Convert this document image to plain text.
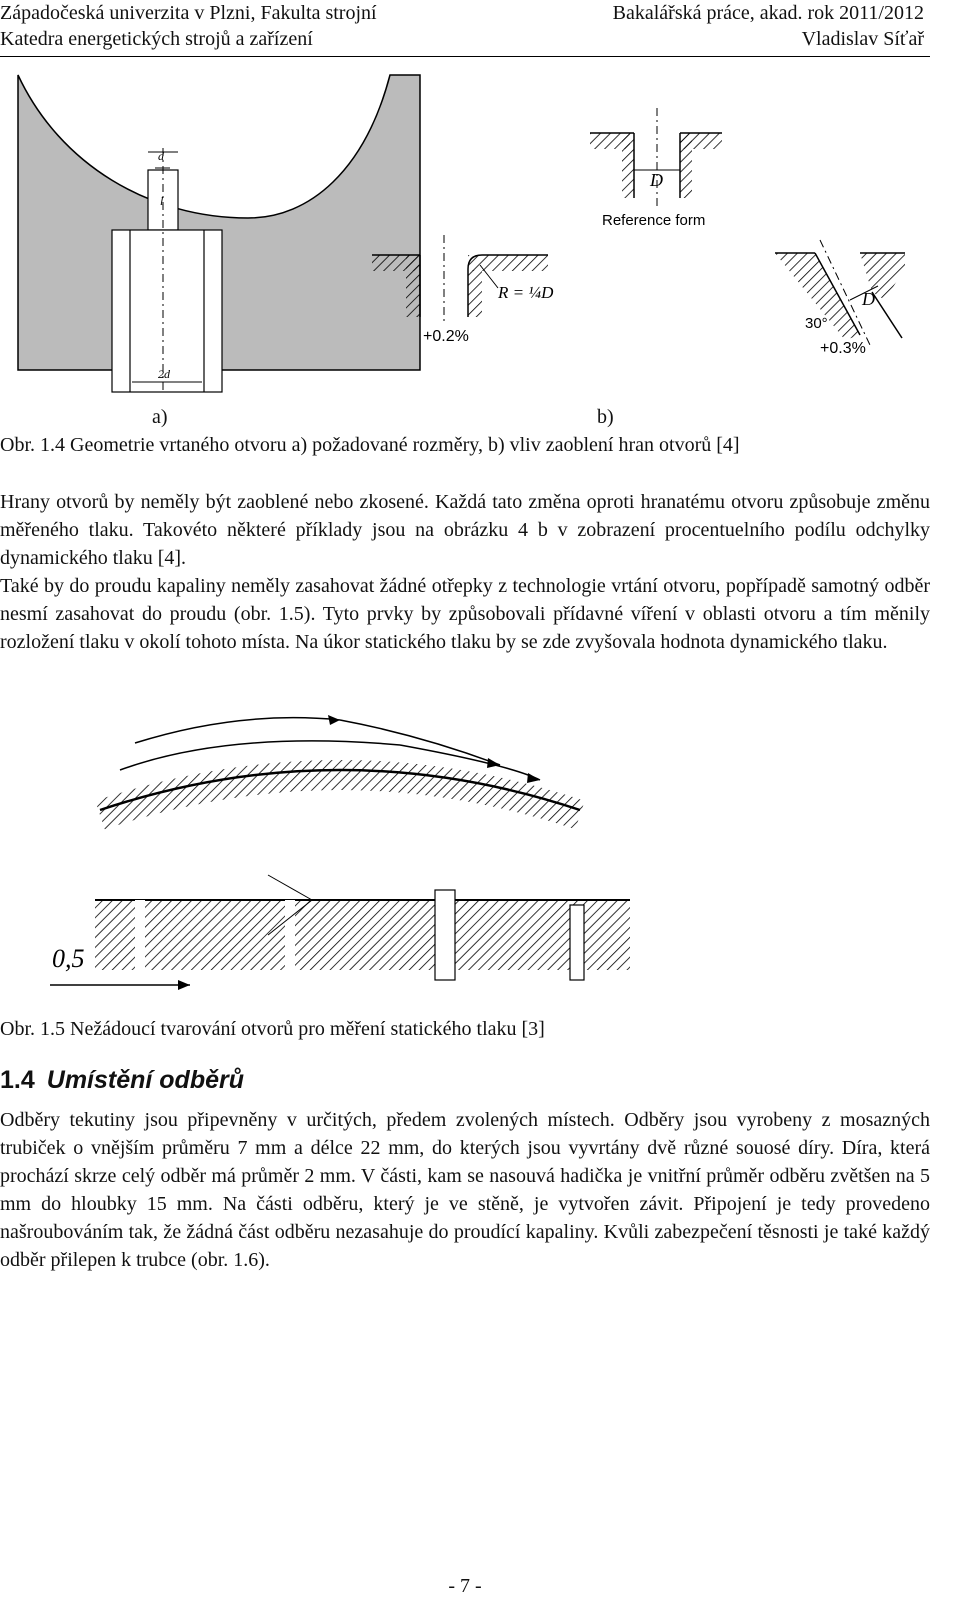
Západočeská univerzita v Plzni, Fakulta strojní
Katedra energetických strojů a zařízení
Bakalářská práce, akad. rok 2011/2012
Vladislav Síťař
d
l
2d
D
Reference form
R = ¼D
+0.2%
D
30°
+0.3%
a)	b)
Obr. 1.4 Geometrie vrtaného otvoru a) požadované rozměry, b) vliv zaoblení hran otvorů [4]

Hrany otvorů by neměly být zaoblené nebo zkosené. Každá tato změna oproti hranatému otvoru způsobuje změnu měřeného tlaku. Takovéto některé příklady jsou na obrázku 4 b v zobrazení procentuelního podílu odchylky dynamického tlaku [4].

Také by do proudu kapaliny neměly zasahovat žádné otřepky z technologie vrtání otvoru, popřípadě samotný odběr nesmí zasahovat do proudu (obr. 1.5). Tyto prvky by způsobovali přídavné víření v oblasti otvoru a tím měnily rozložení tlaku v okolí tohoto místa. Na úkor statického tlaku by se zde zvyšovala hodnota dynamického tlaku.

0,5
Obr. 1.5 Nežádoucí tvarování otvorů pro měření statického tlaku [3]
1.4 Umístění odběrů

Odběry tekutiny jsou připevněny v určitých, předem zvolených místech. Odběry jsou vyrobeny z mosazných trubiček o vnějším průměru 7 mm a délce 22 mm, do kterých jsou vyvrtány dvě různé souosé díry. Díra, která prochází skrze celý odběr má průměr 2 mm. V části, kam se nasouvá hadička je vnitřní průměr odběru zvětšen na 5 mm do hloubky 15 mm. Na části odběru, který je ve stěně, je vytvořen závit. Připojení je tedy provedeno našroubováním tak, že žádná část odběru nezasahuje do proudící kapaliny. Kvůli zabezpečení těsnosti je také každý odběr přilepen k trubce (obr. 1.6).

- 7 -
